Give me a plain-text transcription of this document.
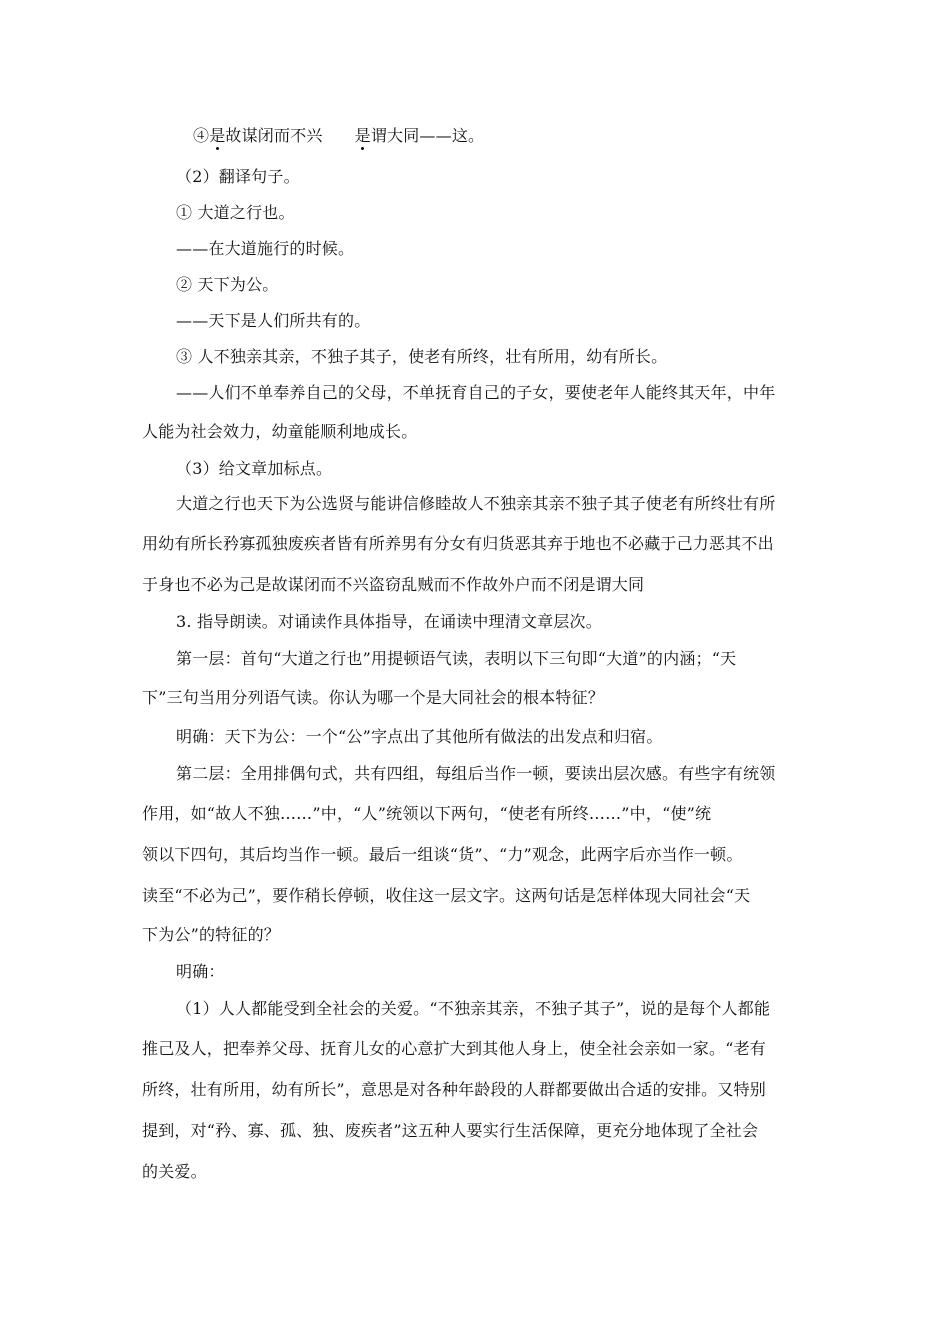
④是故谋闭而不兴 是谓大同——这。
（2）翻译句子。
① 大道之行也。
——在大道施行的时候。
② 天下为公。
——天下是人们所共有的。
③ 人不独亲其亲，不独子其子，使老有所终，壮有所用，幼有所长。
——人们不单奉养自己的父母，不单抚育自己的子女，要使老年人能终其天年，中年
人能为社会效力，幼童能顺利地成长。
（3）给文章加标点。
大道之行也天下为公选贤与能讲信修睦故人不独亲其亲不独子其子使老有所终壮有所
用幼有所长矜寡孤独废疾者皆有所养男有分女有归货恶其弃于地也不必藏于己力恶其不出
于身也不必为己是故谋闭而不兴盗窃乱贼而不作故外户而不闭是谓大同
3. 指导朗读。对诵读作具体指导，在诵读中理清文章层次。
第一层：首句“大道之行也”用提顿语气读，表明以下三句即“大道”的内涵；“天
下”三句当用分列语气读。你认为哪一个是大同社会的根本特征？
明确：天下为公：一个“公”字点出了其他所有做法的出发点和归宿。
第二层：全用排偶句式，共有四组，每组后当作一顿，要读出层次感。有些字有统领
作用，如“故人不独……”中，“人”统领以下两句，“使老有所终……”中，“使”统
领以下四句，其后均当作一顿。最后一组谈“货”、“力”观念，此两字后亦当作一顿。
读至“不必为己”，要作稍长停顿，收住这一层文字。这两句话是怎样体现大同社会“天
下为公”的特征的？
明确：
（1）人人都能受到全社会的关爱。“不独亲其亲，不独子其子”，说的是每个人都能
推己及人，把奉养父母、抚育儿女的心意扩大到其他人身上，使全社会亲如一家。“老有
所终，壮有所用，幼有所长”，意思是对各种年龄段的人群都要做出合适的安排。又特别
提到，对“矜、寡、孤、独、废疾者”这五种人要实行生活保障，更充分地体现了全社会
的关爱。
